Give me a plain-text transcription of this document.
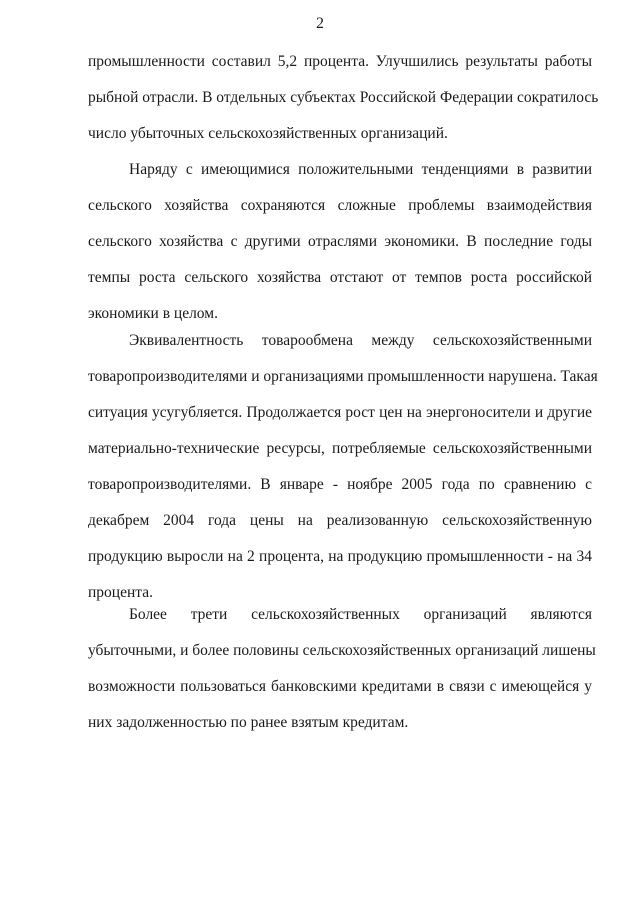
2
промышленности составил 5,2 процента. Улучшились результаты работы
рыбной отрасли. В отдельных субъектах Российской Федерации сократилось
число убыточных сельскохозяйственных организаций.
Наряду с имеющимися положительными тенденциями в развитии
сельского хозяйства сохраняются сложные проблемы взаимодействия
сельского хозяйства с другими отраслями экономики. В последние годы
темпы роста сельского хозяйства отстают от темпов роста российской
экономики в целом.
Эквивалентность товарообмена между сельскохозяйственными
товаропроизводителями и организациями промышленности нарушена. Такая
ситуация усугубляется. Продолжается рост цен на энергоносители и другие
материально-технические ресурсы, потребляемые сельскохозяйственными
товаропроизводителями. В январе - ноябре 2005 года по сравнению с
декабрем 2004 года цены на реализованную сельскохозяйственную
продукцию выросли на 2 процента, на продукцию промышленности - на 34
процента.
Более трети сельскохозяйственных организаций являются
убыточными, и более половины сельскохозяйственных организаций лишены
возможности пользоваться банковскими кредитами в связи с имеющейся у
них задолженностью по ранее взятым кредитам.
